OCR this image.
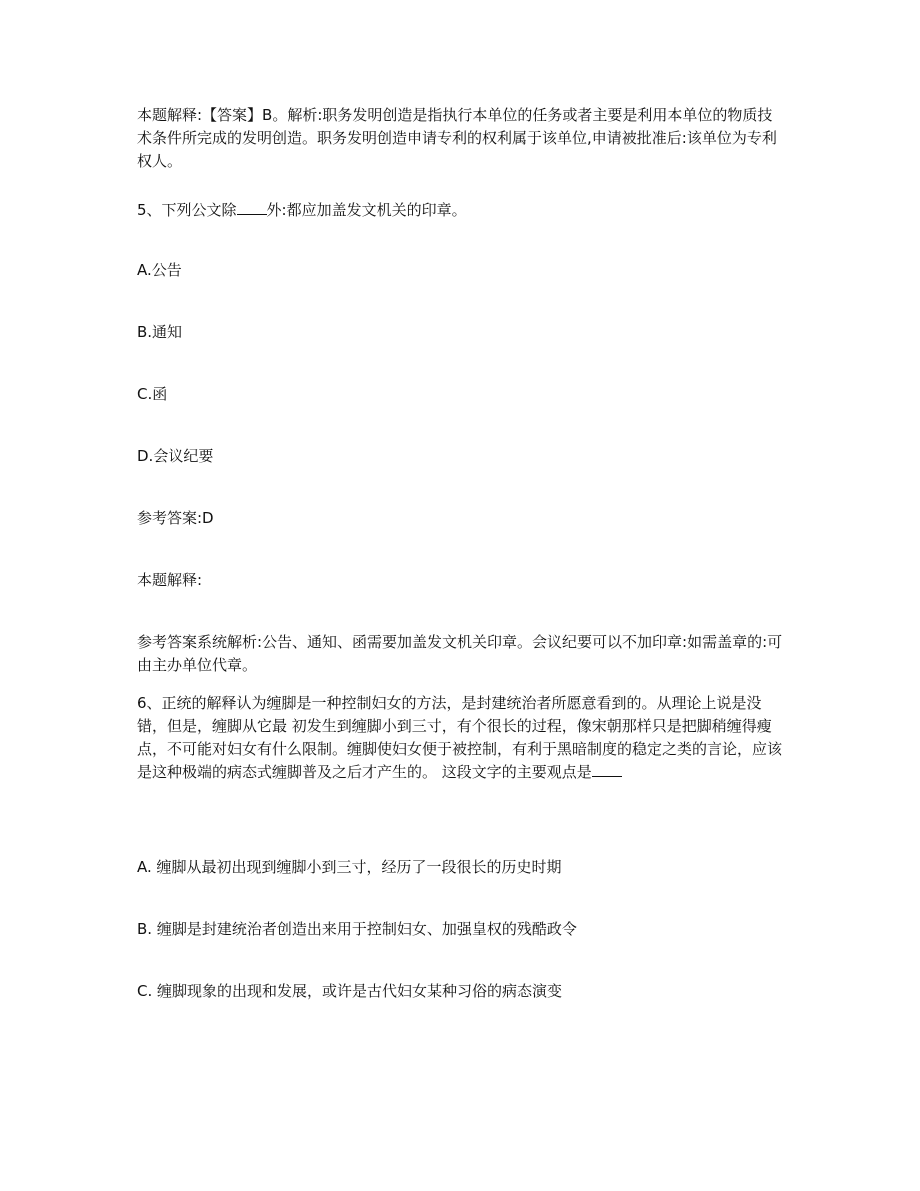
本题解释:【答案】B。解析:职务发明创造是指执行本单位的任务或者主要是利用本单位的物质技术条件所完成的发明创造。职务发明创造申请专利的权利属于该单位,申请被批准后:该单位为专利权人。

5、下列公文除 外:都应加盖发文机关的印章。

A.公告

B.通知

C.函

D.会议纪要

参考答案:D

本题解释:

参考答案系统解析:公告、通知、函需要加盖发文机关印章。会议纪要可以不加印章:如需盖章的:可由主办单位代章。

6、正统的解释认为缠脚是一种控制妇女的方法，是封建统治者所愿意看到的。从理论上说是没错，但是，缠脚从它最 初发生到缠脚小到三寸，有个很长的过程，像宋朝那样只是把脚稍缠得瘦点，不可能对妇女有什么限制。缠脚使妇女便于被控制，有利于黑暗制度的稳定之类的言论，应该是这种极端的病态式缠脚普及之后才产生的。 这段文字的主要观点是

A. 缠脚从最初出现到缠脚小到三寸，经历了一段很长的历史时期

B. 缠脚是封建统治者创造出来用于控制妇女、加强皇权的残酷政令

C. 缠脚现象的出现和发展，或许是古代妇女某种习俗的病态演变
